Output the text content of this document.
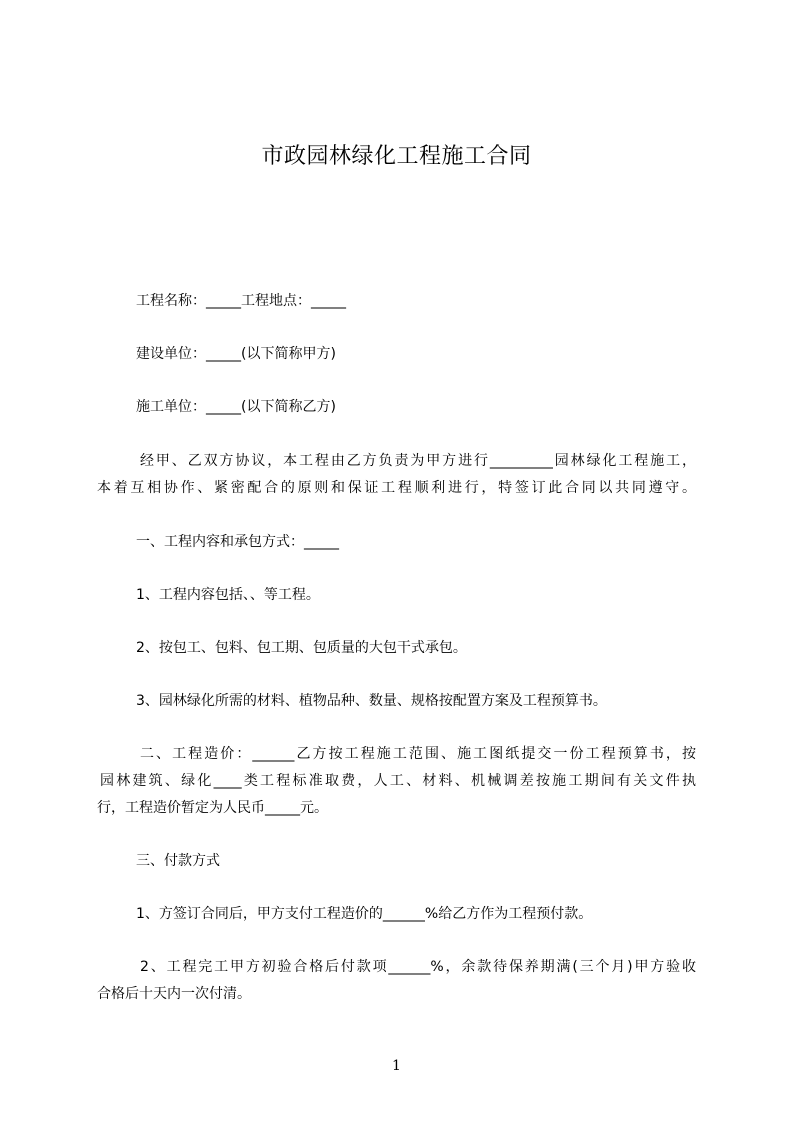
市政园林绿化工程施工合同
工程名称：_____工程地点：_____
建设单位：_____(以下简称甲方)
施工单位：_____(以下简称乙方)
经甲、乙双方协议，本工程由乙方负责为甲方进行_________园林绿化工程施工，
本着互相协作、紧密配合的原则和保证工程顺利进行，特签订此合同以共同遵守。
一、工程内容和承包方式：_____
1、工程内容包括、、等工程。
2、按包工、包料、包工期、包质量的大包干式承包。
3、园林绿化所需的材料、植物品种、数量、规格按配置方案及工程预算书。
二、工程造价：______乙方按工程施工范围、施工图纸提交一份工程预算书，按
园林建筑、绿化____类工程标准取费，人工、材料、机械调差按施工期间有关文件执
行，工程造价暂定为人民币_____元。
三、付款方式
1、方签订合同后，甲方支付工程造价的______%给乙方作为工程预付款。
2、工程完工甲方初验合格后付款项______%，余款待保养期满(三个月)甲方验收
合格后十天内一次付清。
1
